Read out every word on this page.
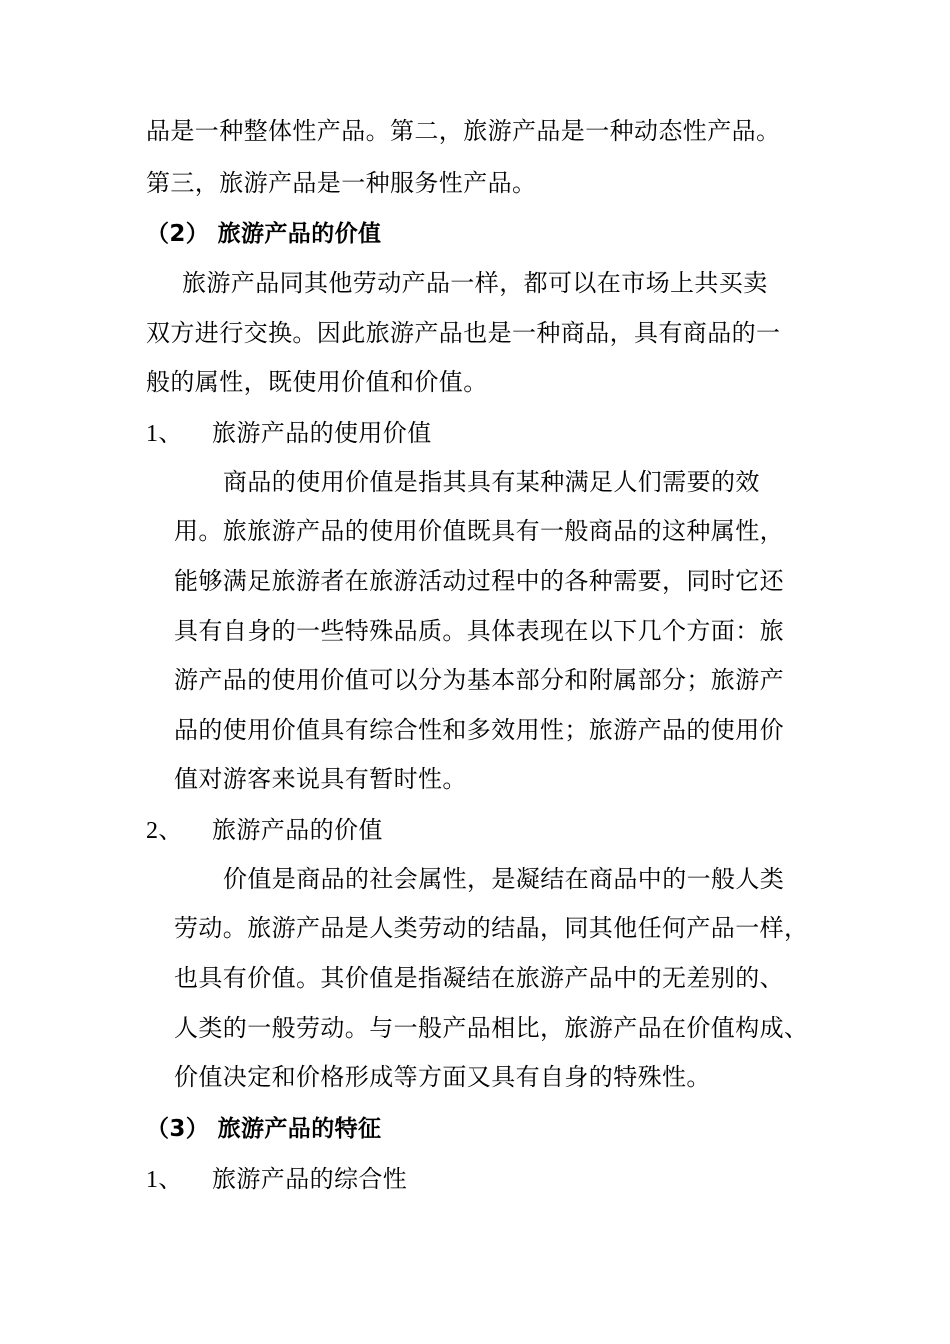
品是一种整体性产品。第二，旅游产品是一种动态性产品。
第三，旅游产品是一种服务性产品。
（2） 旅游产品的价值
旅游产品同其他劳动产品一样，都可以在市场上共买卖
双方进行交换。因此旅游产品也是一种商品，具有商品的一
般的属性，既使用价值和价值。
1、 旅游产品的使用价值
商品的使用价值是指其具有某种满足人们需要的效
用。旅旅游产品的使用价值既具有一般商品的这种属性，
能够满足旅游者在旅游活动过程中的各种需要，同时它还
具有自身的一些特殊品质。具体表现在以下几个方面：旅
游产品的使用价值可以分为基本部分和附属部分；旅游产
品的使用价值具有综合性和多效用性；旅游产品的使用价
值对游客来说具有暂时性。
2、 旅游产品的价值
价值是商品的社会属性，是凝结在商品中的一般人类
劳动。旅游产品是人类劳动的结晶，同其他任何产品一样，
也具有价值。其价值是指凝结在旅游产品中的无差别的、
人类的一般劳动。与一般产品相比，旅游产品在价值构成、
价值决定和价格形成等方面又具有自身的特殊性。
（3） 旅游产品的特征
1、 旅游产品的综合性
